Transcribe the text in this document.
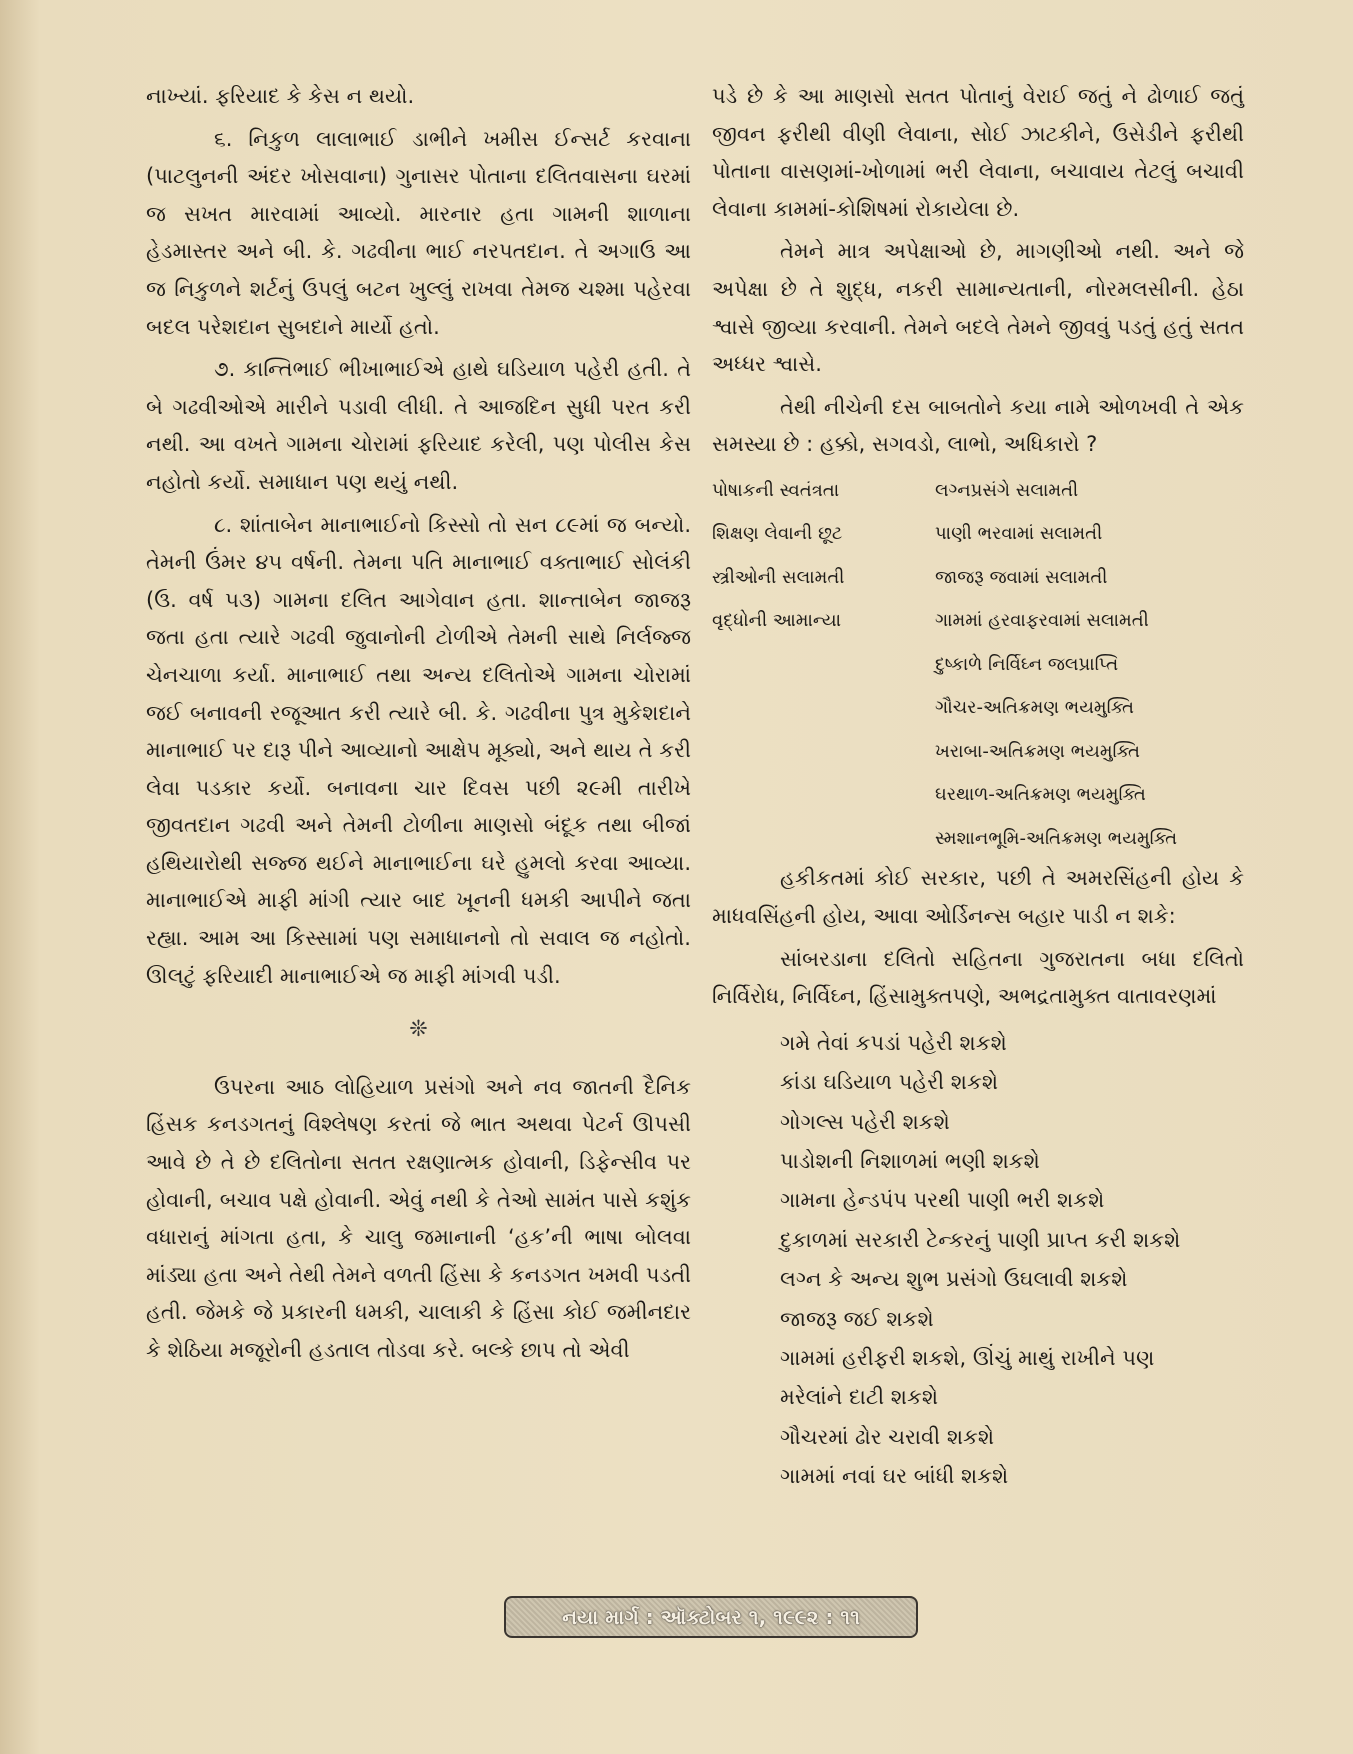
નાખ્યાં. ફરિયાદ કે કેસ ન થયો.

૬. નિકુળ લાલાભાઈ ડાભીને ખમીસ ઈન્સર્ટ કરવાના (પાટલુનની અંદર ખોસવાના) ગુનાસર પોતાના દલિતવાસના ઘરમાં જ સખત મારવામાં આવ્યો. મારનાર હતા ગામની શાળાના હેડમાસ્તર અને બી. કે. ગઢવીના ભાઈ નરપતદાન. તે અગાઉ આ જ નિકુળને શર્ટનું ઉપલું બટન ખુલ્લું રાખવા તેમજ ચશ્મા પહેરવા બદલ પરેશદાન સુબદાને માર્યો હતો.

૭. કાન્તિભાઈ ભીખાભાઈએ હાથે ઘડિયાળ પહેરી હતી. તે બે ગઢવીઓએ મારીને પડાવી લીધી. તે આજદિન સુધી પરત કરી નથી. આ વખતે ગામના ચોરામાં ફરિયાદ કરેલી, પણ પોલીસ કેસ નહોતો કર્યો. સમાધાન પણ થયું નથી.

૮. શાંતાબેન માનાભાઈનો કિસ્સો તો સન ૮૯માં જ બન્યો. તેમની ઉંમર ૪૫ વર્ષની. તેમના પતિ માનાભાઈ વક્તાભાઈ સોલંકી (ઉ. વર્ષ ૫૩) ગામના દલિત આગેવાન હતા. શાન્તાબેન જાજરૂ જતા હતા ત્યારે ગઢવી જુવાનોની ટોળીએ તેમની સાથે નિર્લજ્જ ચેનચાળા કર્યા. માનાભાઈ તથા અન્ય દલિતોએ ગામના ચોરામાં જઈ બનાવની રજૂઆત કરી ત્યારે બી. કે. ગઢવીના પુત્ર મુકેશદાને માનાભાઈ પર દારૂ પીને આવ્યાનો આક્ષેપ મૂક્યો, અને થાય તે કરી લેવા પડકાર કર્યો. બનાવના ચાર દિવસ પછી ૨૯મી તારીખે જીવતદાન ગઢવી અને તેમની ટોળીના માણસો બંદૂક તથા બીજાં હથિયારોથી સજ્જ થઈને માનાભાઈના ઘરે હુમલો કરવા આવ્યા. માનાભાઈએ માફી માંગી ત્યાર બાદ ખૂનની ધમકી આપીને જતા રહ્યા. આમ આ કિસ્સામાં પણ સમાધાનનો તો સવાલ જ નહોતો. ઊલટું ફરિયાદી માનાભાઈએ જ માફી માંગવી પડી.

❊

ઉપરના આઠ લોહિયાળ પ્રસંગો અને નવ જાતની દૈનિક હિંસક કનડગતનું વિશ્લેષણ કરતાં જે ભાત અથવા પેટર્ન ઊપસી આવે છે તે છે દલિતોના સતત રક્ષણાત્મક હોવાની, ડિફેન્સીવ પર હોવાની, બચાવ પક્ષે હોવાની. એવું નથી કે તેઓ સામંત પાસે કશુંક વધારાનું માંગતા હતા, કે ચાલુ જમાનાની ‘હક’ની ભાષા બોલવા માંડ્યા હતા અને તેથી તેમને વળતી હિંસા કે કનડગત ખમવી પડતી હતી. જેમકે જે પ્રકારની ધમકી, ચાલાકી કે હિંસા કોઈ જમીનદાર કે શેઠિયા મજૂરોની હડતાલ તોડવા કરે. બલ્કે છાપ તો એવી

પડે છે કે આ માણસો સતત પોતાનું વેરાઈ જતું ને ઢોળાઈ જતું જીવન ફરીથી વીણી લેવાના, સોઈ ઝાટકીને, ઉસેડીને ફરીથી પોતાના વાસણમાં-ખોળામાં ભરી લેવાના, બચાવાય તેટલું બચાવી લેવાના કામમાં-કોશિષમાં રોકાયેલા છે.

તેમને માત્ર અપેક્ષાઓ છે, માગણીઓ નથી. અને જે અપેક્ષા છે તે શુદ્ધ, નકરી સામાન્યતાની, નોરમલસીની. હેઠા શ્વાસે જીવ્યા કરવાની. તેમને બદલે તેમને જીવવું પડતું હતું સતત અધ્ધર શ્વાસે.

તેથી નીચેની દસ બાબતોને કયા નામે ઓળખવી તે એક સમસ્યા છે : હક્કો, સગવડો, લાભો, અધિકારો ?

પોષાકની સ્વતંત્રતા
શિક્ષણ લેવાની છૂટ
સ્ત્રીઓની સલામતી
વૃદ્ધોની આમાન્યા
લગ્નપ્રસંગે સલામતી
પાણી ભરવામાં સલામતી
જાજરૂ જવામાં સલામતી
ગામમાં હરવાફરવામાં સલામતી
દુષ્કાળે નિર્વિઘ્ન જલપ્રાપ્તિ
ગૌચર-અતિક્રમણ ભયમુક્તિ
ખરાબા-અતિક્રમણ ભયમુક્તિ
ઘરથાળ-અતિક્રમણ ભયમુક્તિ
સ્મશાનભૂમિ-અતિક્રમણ ભયમુક્તિ

હકીકતમાં કોઈ સરકાર, પછી તે અમરસિંહની હોય કે માધવસિંહની હોય, આવા ઓર્ડિનન્સ બહાર પાડી ન શકે:

સાંબરડાના દલિતો સહિતના ગુજરાતના બધા દલિતો નિર્વિરોધ, નિર્વિઘ્ન, હિંસામુક્તપણે, અભદ્રતામુક્ત વાતાવરણમાં

ગમે તેવાં કપડાં પહેરી શકશે
કાંડા ઘડિયાળ પહેરી શકશે
ગોગલ્સ પહેરી શકશે
પાડોશની નિશાળમાં ભણી શકશે
ગામના હેન્ડપંપ પરથી પાણી ભરી શકશે
દુકાળમાં સરકારી ટેન્કરનું પાણી પ્રાપ્ત કરી શકશે
લગ્ન કે અન્ય શુભ પ્રસંગો ઉઘલાવી શકશે
જાજરૂ જઈ શકશે
ગામમાં હરીફરી શકશે, ઊંચું માથું રાખીને પણ
મરેલાંને દાટી શકશે
ગૌચરમાં ઢોર ચરાવી શકશે
ગામમાં નવાં ઘર બાંધી શકશે
નયા માર્ગ : ઑક્ટોબર ૧, ૧૯૯૨ : ૧૧
